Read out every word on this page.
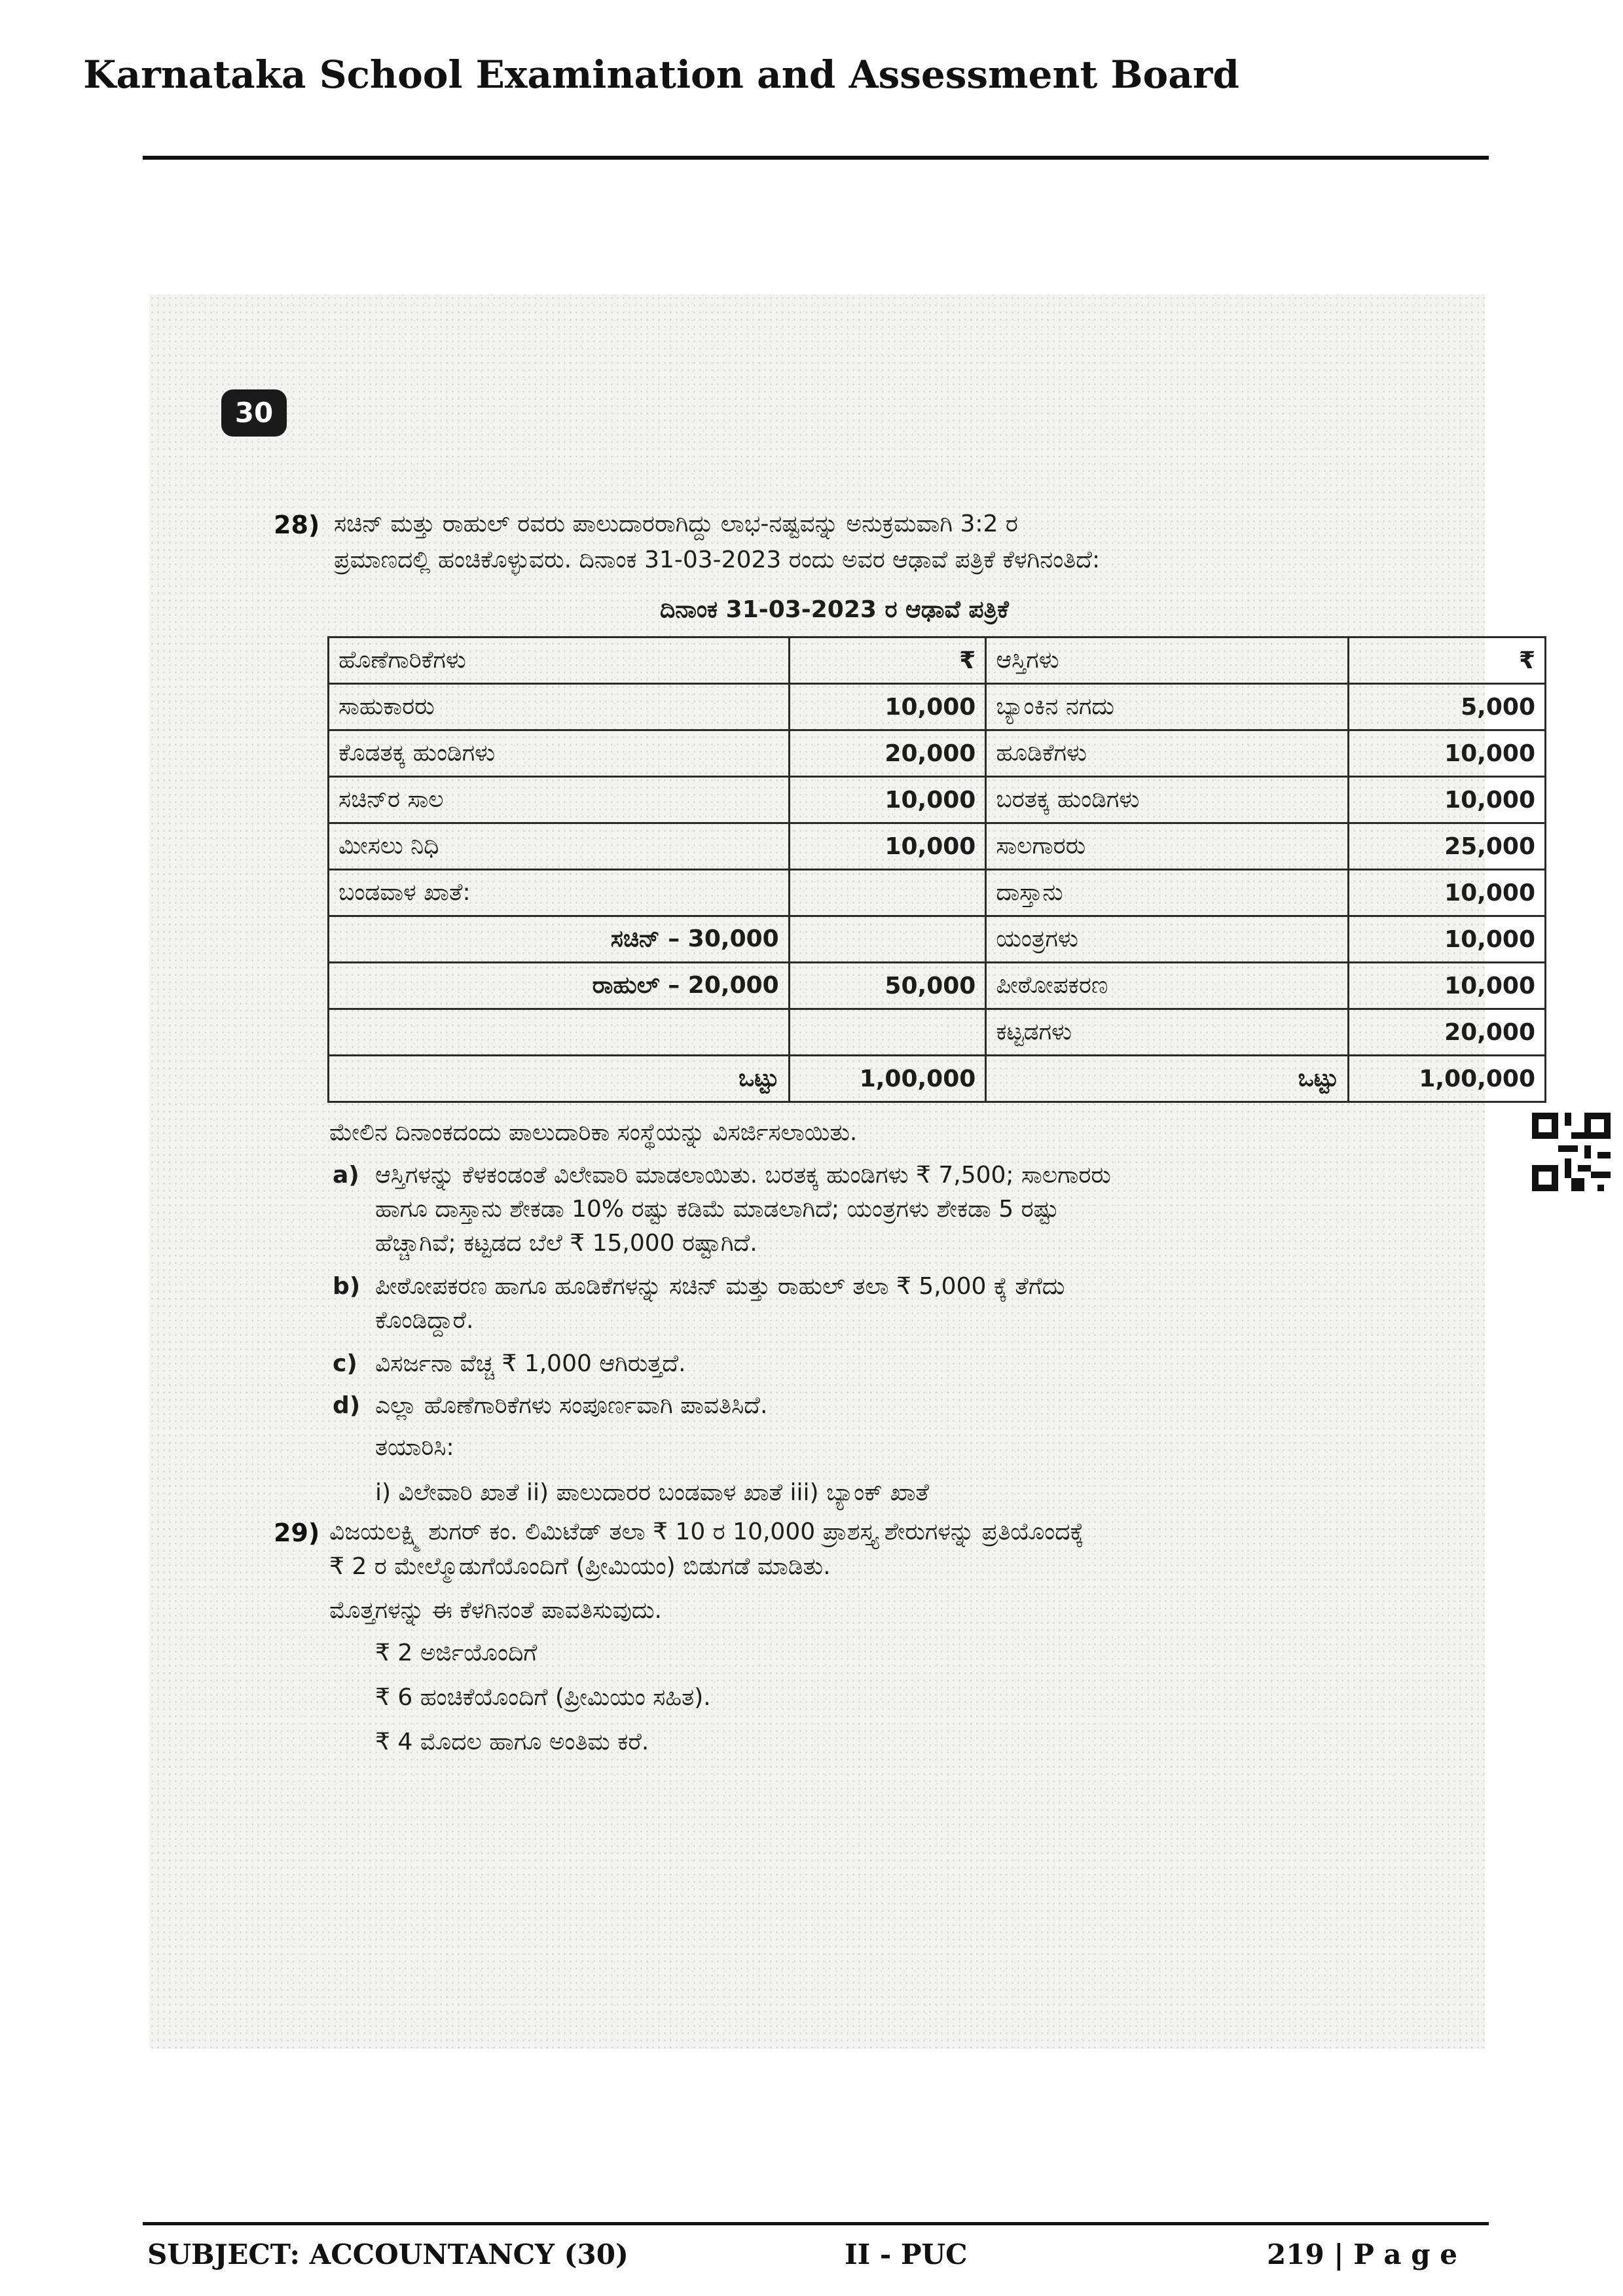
Karnataka School Examination and Assessment Board
30
28) ಸಚಿನ್ ಮತ್ತು ರಾಹುಲ್ ರವರು ಪಾಲುದಾರರಾಗಿದ್ದು ಲಾಭ-ನಷ್ಟವನ್ನು ಅನುಕ್ರಮವಾಗಿ 3:2 ರ
ಪ್ರಮಾಣದಲ್ಲಿ ಹಂಚಿಕೊಳ್ಳುವರು. ದಿನಾಂಕ 31-03-2023 ರಂದು ಅವರ ಆಢಾವೆ ಪತ್ರಿಕೆ ಕೆಳಗಿನಂತಿದೆ:
ದಿನಾಂಕ 31-03-2023 ರ ಆಢಾವೆ ಪತ್ರಿಕೆ
ಹೊಣೆಗಾರಿಕೆಗಳು	₹	ಆಸ್ತಿಗಳು	₹
ಸಾಹುಕಾರರು	10,000	ಬ್ಯಾಂಕಿನ ನಗದು	5,000
ಕೊಡತಕ್ಕ ಹುಂಡಿಗಳು	20,000	ಹೂಡಿಕೆಗಳು	10,000
ಸಚಿನ್‌ರ ಸಾಲ	10,000	ಬರತಕ್ಕ ಹುಂಡಿಗಳು	10,000
ಮೀಸಲು ನಿಧಿ	10,000	ಸಾಲಗಾರರು	25,000
ಬಂಡವಾಳ ಖಾತೆ:		ದಾಸ್ತಾನು	10,000
ಸಚಿನ್ – 30,000		ಯಂತ್ರಗಳು	10,000
ರಾಹುಲ್ – 20,000	50,000	ಪೀಠೋಪಕರಣ	10,000
		ಕಟ್ಟಡಗಳು	20,000
ಒಟ್ಟು	1,00,000	ಒಟ್ಟು	1,00,000
ಮೇಲಿನ ದಿನಾಂಕದಂದು ಪಾಲುದಾರಿಕಾ ಸಂಸ್ಥೆಯನ್ನು ವಿಸರ್ಜಿಸಲಾಯಿತು.
a) ಆಸ್ತಿಗಳನ್ನು ಕೆಳಕಂಡಂತೆ ವಿಲೇವಾರಿ ಮಾಡಲಾಯಿತು. ಬರತಕ್ಕ ಹುಂಡಿಗಳು ₹ 7,500; ಸಾಲಗಾರರು
ಹಾಗೂ ದಾಸ್ತಾನು ಶೇಕಡಾ 10% ರಷ್ಟು ಕಡಿಮೆ ಮಾಡಲಾಗಿದೆ; ಯಂತ್ರಗಳು ಶೇಕಡಾ 5 ರಷ್ಟು
ಹೆಚ್ಚಾಗಿವೆ; ಕಟ್ಟಡದ ಬೆಲೆ ₹ 15,000 ರಷ್ಟಾಗಿದೆ.
b) ಪೀಠೋಪಕರಣ ಹಾಗೂ ಹೂಡಿಕೆಗಳನ್ನು ಸಚಿನ್ ಮತ್ತು ರಾಹುಲ್ ತಲಾ ₹ 5,000 ಕ್ಕೆ ತೆಗೆದು
ಕೊಂಡಿದ್ದಾರೆ.
c) ವಿಸರ್ಜನಾ ವೆಚ್ಚ ₹ 1,000 ಆಗಿರುತ್ತದೆ.
d) ಎಲ್ಲಾ ಹೊಣೆಗಾರಿಕೆಗಳು ಸಂಪೂರ್ಣವಾಗಿ ಪಾವತಿಸಿದೆ.
ತಯಾರಿಸಿ:
i) ವಿಲೇವಾರಿ ಖಾತೆ ii) ಪಾಲುದಾರರ ಬಂಡವಾಳ ಖಾತೆ iii) ಬ್ಯಾಂಕ್ ಖಾತೆ
29) ವಿಜಯಲಕ್ಷ್ಮಿ ಶುಗರ್ ಕಂ. ಲಿಮಿಟೆಡ್ ತಲಾ ₹ 10 ರ 10,000 ಪ್ರಾಶಸ್ತ್ಯ ಶೇರುಗಳನ್ನು ಪ್ರತಿಯೊಂದಕ್ಕೆ
₹ 2 ರ ಮೇಲ್ಮೊಡುಗೆಯೊಂದಿಗೆ (ಪ್ರೀಮಿಯಂ) ಬಿಡುಗಡೆ ಮಾಡಿತು.
ಮೊತ್ತಗಳನ್ನು ಈ ಕೆಳಗಿನಂತೆ ಪಾವತಿಸುವುದು.
₹ 2 ಅರ್ಜಿಯೊಂದಿಗೆ
₹ 6 ಹಂಚಿಕೆಯೊಂದಿಗೆ (ಪ್ರೀಮಿಯಂ ಸಹಿತ).
₹ 4 ಮೊದಲ ಹಾಗೂ ಅಂತಿಮ ಕರೆ.
SUBJECT: ACCOUNTANCY (30)	II - PUC	219 | P a g e
